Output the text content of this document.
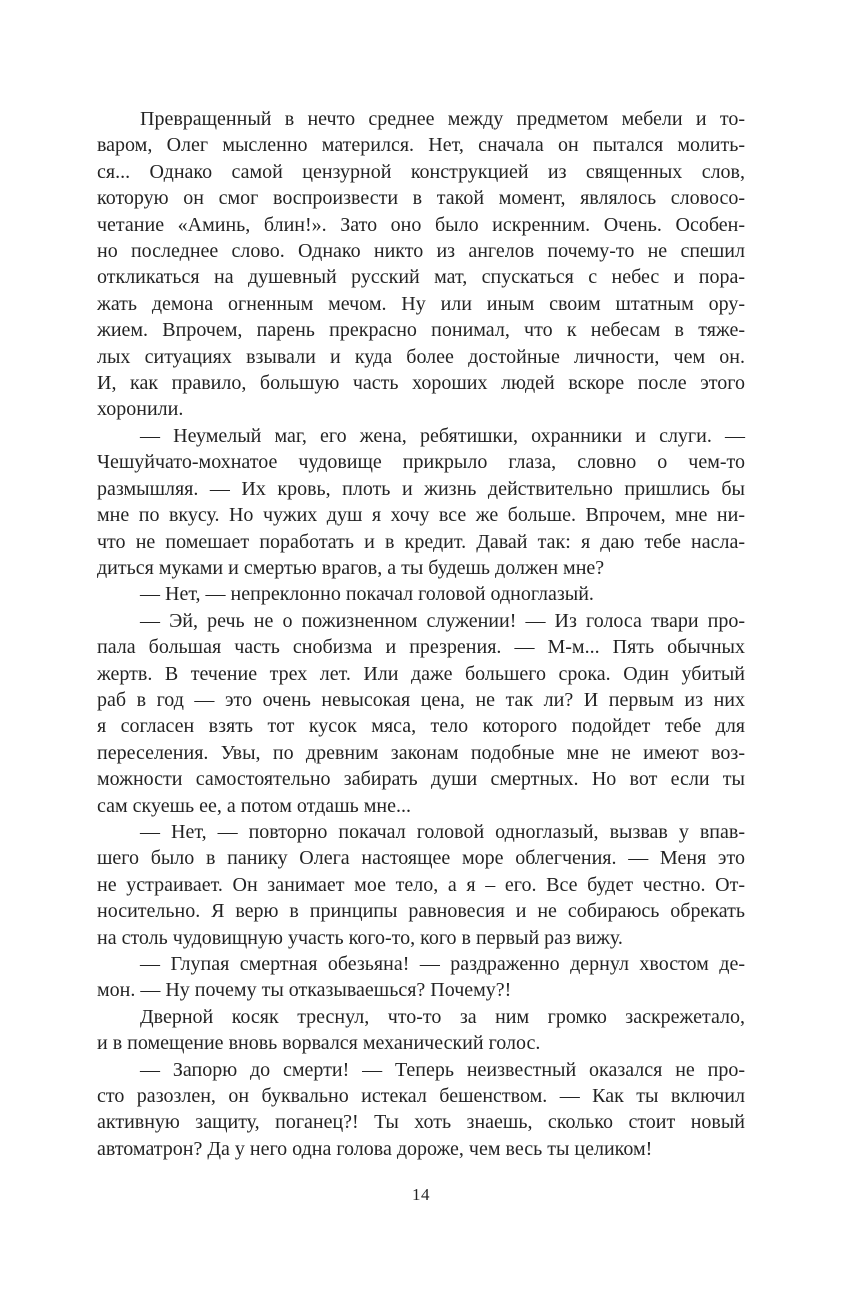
Превращенный в нечто среднее между предметом мебели и то-
варом, Олег мысленно матерился. Нет, сначала он пытался молить-
ся... Однако самой цензурной конструкцией из священных слов,
которую он смог воспроизвести в такой момент, являлось словосо-
четание «Аминь, блин!». Зато оно было искренним. Очень. Особен-
но последнее слово. Однако никто из ангелов почему-то не спешил
откликаться на душевный русский мат, спускаться с небес и пора-
жать демона огненным мечом. Ну или иным своим штатным ору-
жием. Впрочем, парень прекрасно понимал, что к небесам в тяже-
лых ситуациях взывали и куда более достойные личности, чем он.
И, как правило, большую часть хороших людей вскоре после этого
хоронили.
— Неумелый маг, его жена, ребятишки, охранники и слуги. —
Чешуйчато-мохнатое чудовище прикрыло глаза, словно о чем-то
размышляя. — Их кровь, плоть и жизнь действительно пришлись бы
мне по вкусу. Но чужих душ я хочу все же больше. Впрочем, мне ни-
что не помешает поработать и в кредит. Давай так: я даю тебе насла-
диться муками и смертью врагов, а ты будешь должен мне?
— Нет, — непреклонно покачал головой одноглазый.
— Эй, речь не о пожизненном служении! — Из голоса твари про-
пала большая часть снобизма и презрения. — М-м... Пять обычных
жертв. В течение трех лет. Или даже большего срока. Один убитый
раб в год — это очень невысокая цена, не так ли? И первым из них
я согласен взять тот кусок мяса, тело которого подойдет тебе для
переселения. Увы, по древним законам подобные мне не имеют воз-
можности самостоятельно забирать души смертных. Но вот если ты
сам скуешь ее, а потом отдашь мне...
— Нет, — повторно покачал головой одноглазый, вызвав у впав-
шего было в панику Олега настоящее море облегчения. — Меня это
не устраивает. Он занимает мое тело, а я – его. Все будет честно. От-
носительно. Я верю в принципы равновесия и не собираюсь обрекать
на столь чудовищную участь кого-то, кого в первый раз вижу.
— Глупая смертная обезьяна! — раздраженно дернул хвостом де-
мон. — Ну почему ты отказываешься? Почему?!
Дверной косяк треснул, что-то за ним громко заскрежетало,
и в помещение вновь ворвался механический голос.
— Запорю до смерти! — Теперь неизвестный оказался не про-
сто разозлен, он буквально истекал бешенством. — Как ты включил
активную защиту, поганец?! Ты хоть знаешь, сколько стоит новый
автоматрон? Да у него одна голова дороже, чем весь ты целиком!
14
